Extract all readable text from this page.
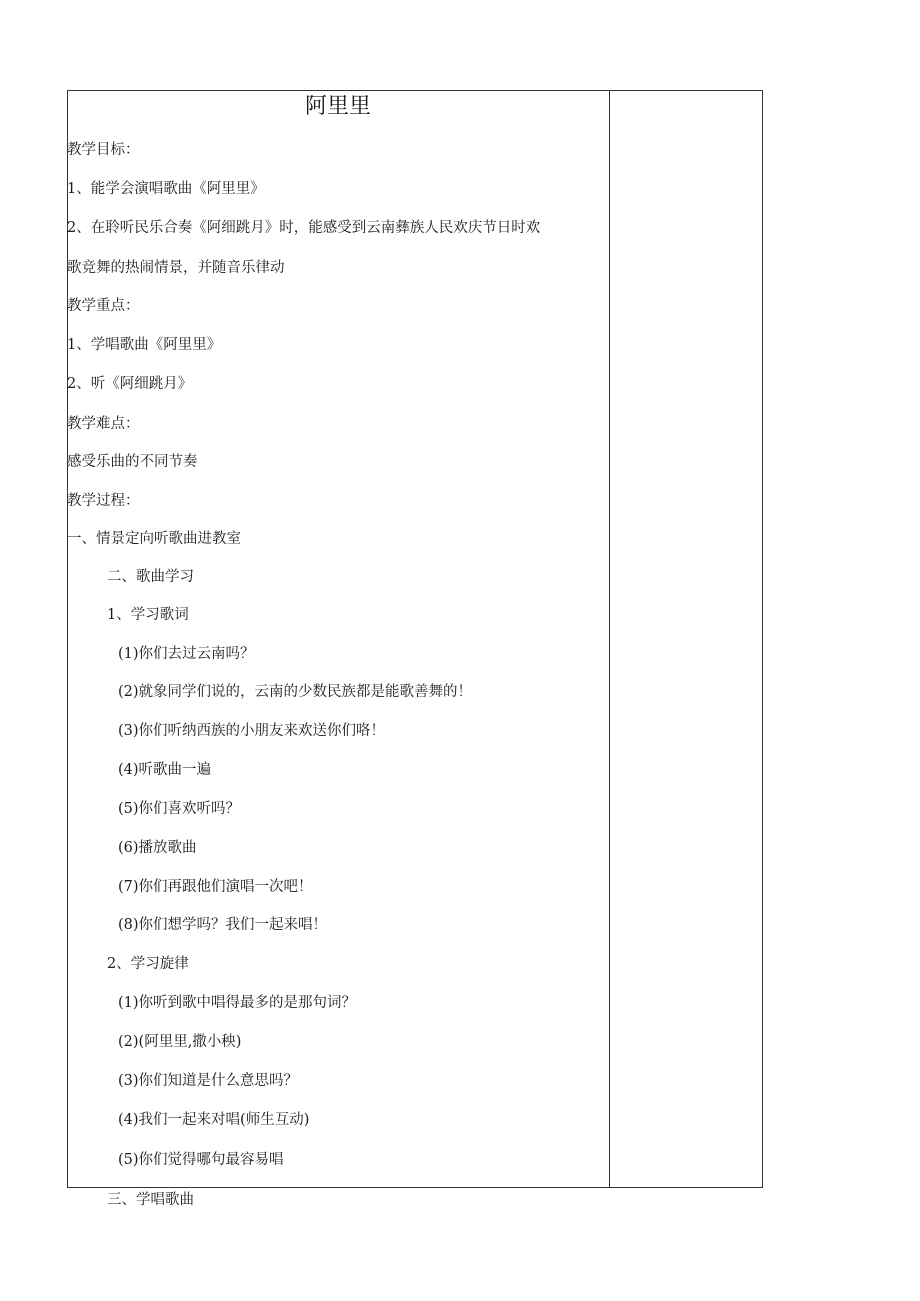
阿里里

教学目标：

1、能学会演唱歌曲《阿里里》

2、在聆听民乐合奏《阿细跳月》时，能感受到云南彝族人民欢庆节日时欢

歌竞舞的热闹情景，并随音乐律动

教学重点：

1、学唱歌曲《阿里里》

2、听《阿细跳月》

教学难点：

感受乐曲的不同节奏

教学过程：

一、情景定向听歌曲进教室

二、歌曲学习

1、学习歌词

(1)你们去过云南吗？

(2)就象同学们说的，云南的少数民族都是能歌善舞的！

(3)你们听纳西族的小朋友来欢送你们咯！

(4)听歌曲一遍

(5)你们喜欢听吗？

(6)播放歌曲

(7)你们再跟他们演唱一次吧！

(8)你们想学吗？我们一起来唱！

2、学习旋律

(1)你听到歌中唱得最多的是那句词？

(2)(阿里里,撒小秧)

(3)你们知道是什么意思吗？

(4)我们一起来对唱(师生互动)

(5)你们觉得哪句最容易唱

三、学唱歌曲
